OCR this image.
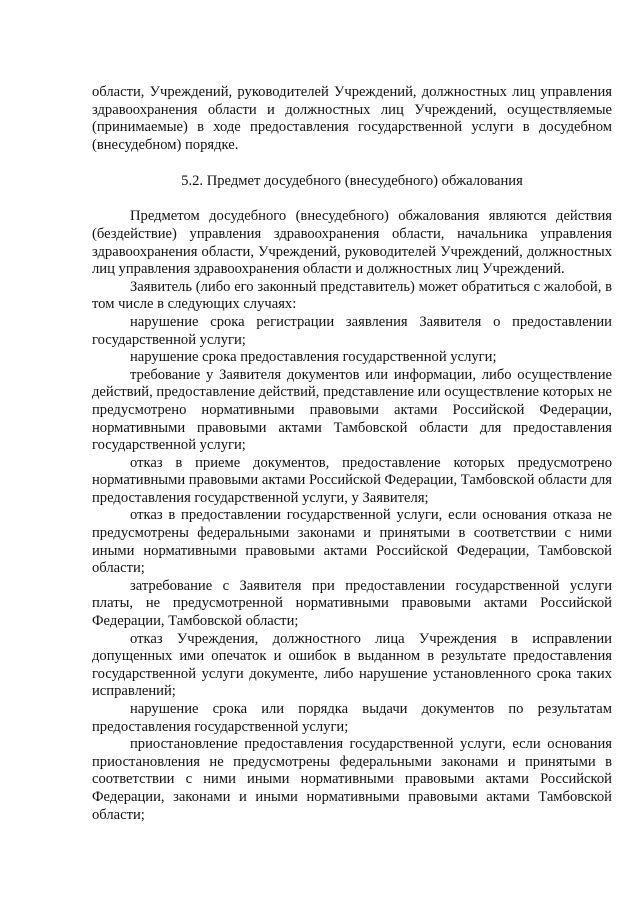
области, Учреждений, руководителей Учреждений, должностных лиц управления здравоохранения области и должностных лиц Учреждений, осуществляемые (принимаемые) в ходе предоставления государственной услуги в досудебном (внесудебном) порядке.

5.2. Предмет досудебного (внесудебного) обжалования

Предметом досудебного (внесудебного) обжалования являются действия (бездействие) управления здравоохранения области, начальника управления здравоохранения области, Учреждений, руководителей Учреждений, должностных лиц управления здравоохранения области и должностных лиц Учреждений.

Заявитель (либо его законный представитель) может обратиться с жалобой, в том числе в следующих случаях:

нарушение срока регистрации заявления Заявителя о предоставлении государственной услуги;

нарушение срока предоставления государственной услуги;

требование у Заявителя документов или информации, либо осуществление действий, предоставление действий, представление или осуществление которых не предусмотрено нормативными правовыми актами Российской Федерации, нормативными правовыми актами Тамбовской области для предоставления государственной услуги;

отказ в приеме документов, предоставление которых предусмотрено нормативными правовыми актами Российской Федерации, Тамбовской области для предоставления государственной услуги, у Заявителя;

отказ в предоставлении государственной услуги, если основания отказа не предусмотрены федеральными законами и принятыми в соответствии с ними иными нормативными правовыми актами Российской Федерации, Тамбовской области;

затребование с Заявителя при предоставлении государственной услуги платы, не предусмотренной нормативными правовыми актами Российской Федерации, Тамбовской области;

отказ Учреждения, должностного лица Учреждения в исправлении допущенных ими опечаток и ошибок в выданном в результате предоставления государственной услуги документе, либо нарушение установленного срока таких исправлений;

нарушение срока или порядка выдачи документов по результатам предоставления государственной услуги;

приостановление предоставления государственной услуги, если основания приостановления не предусмотрены федеральными законами и принятыми в соответствии с ними иными нормативными правовыми актами Российской Федерации, законами и иными нормативными правовыми актами Тамбовской области;
